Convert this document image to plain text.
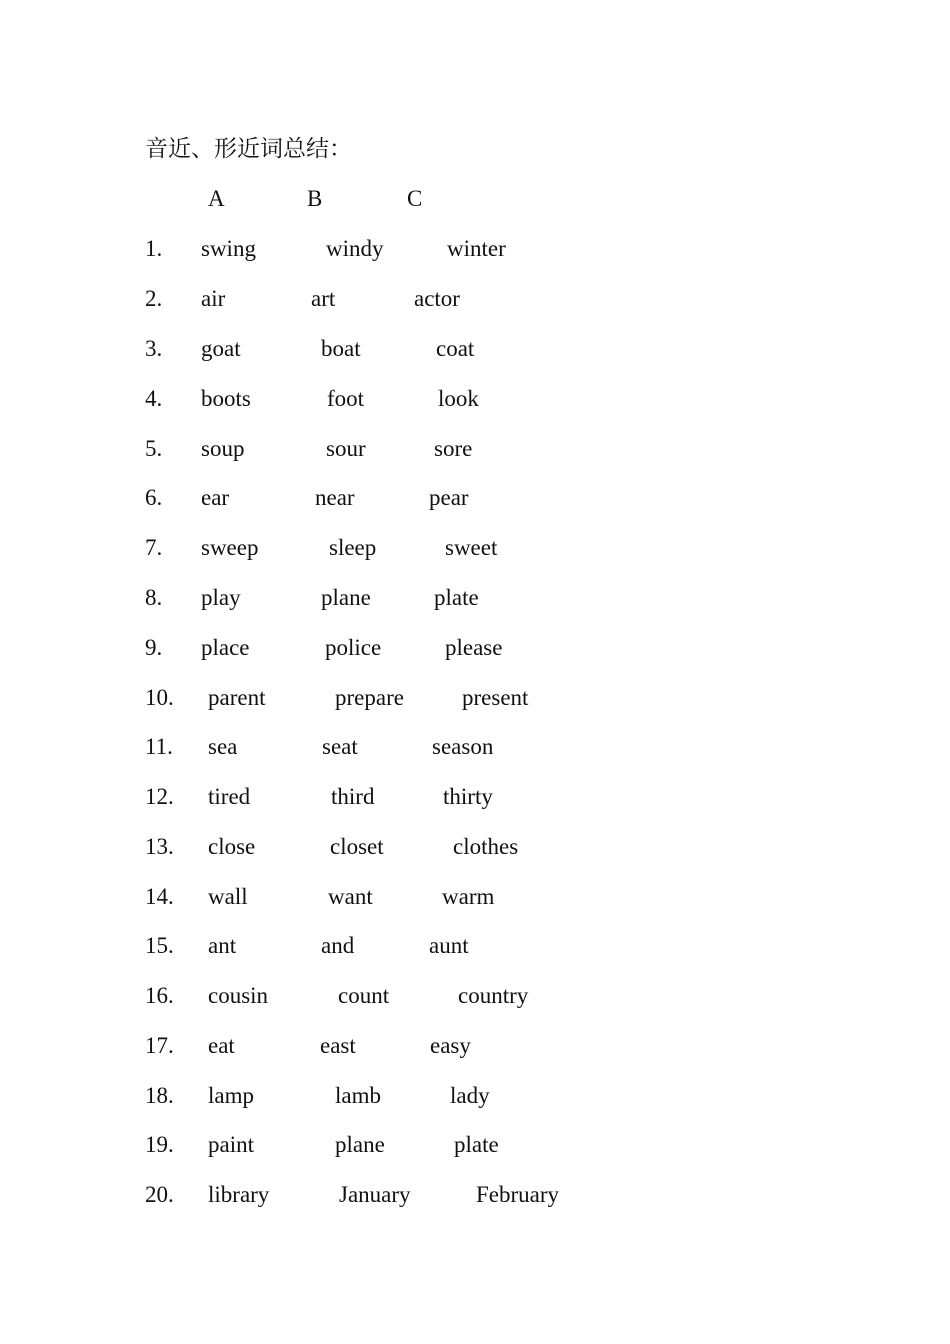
音近、形近词总结：
A	B	C
1. swing	windy	winter
2. air	art	actor
3. goat	boat	coat
4. boots	foot	look
5. soup	sour	sore
6. ear	near	pear
7. sweep	sleep	sweet
8. play	plane	plate
9. place	police	please
10. parent	prepare	present
11. sea	seat	season
12. tired	third	thirty
13. close	closet	clothes
14. wall	want	warm
15. ant	and	aunt
16. cousin	count	country
17. eat	east	easy
18. lamp	lamb	lady
19. paint	plane	plate
20. library	January	February
